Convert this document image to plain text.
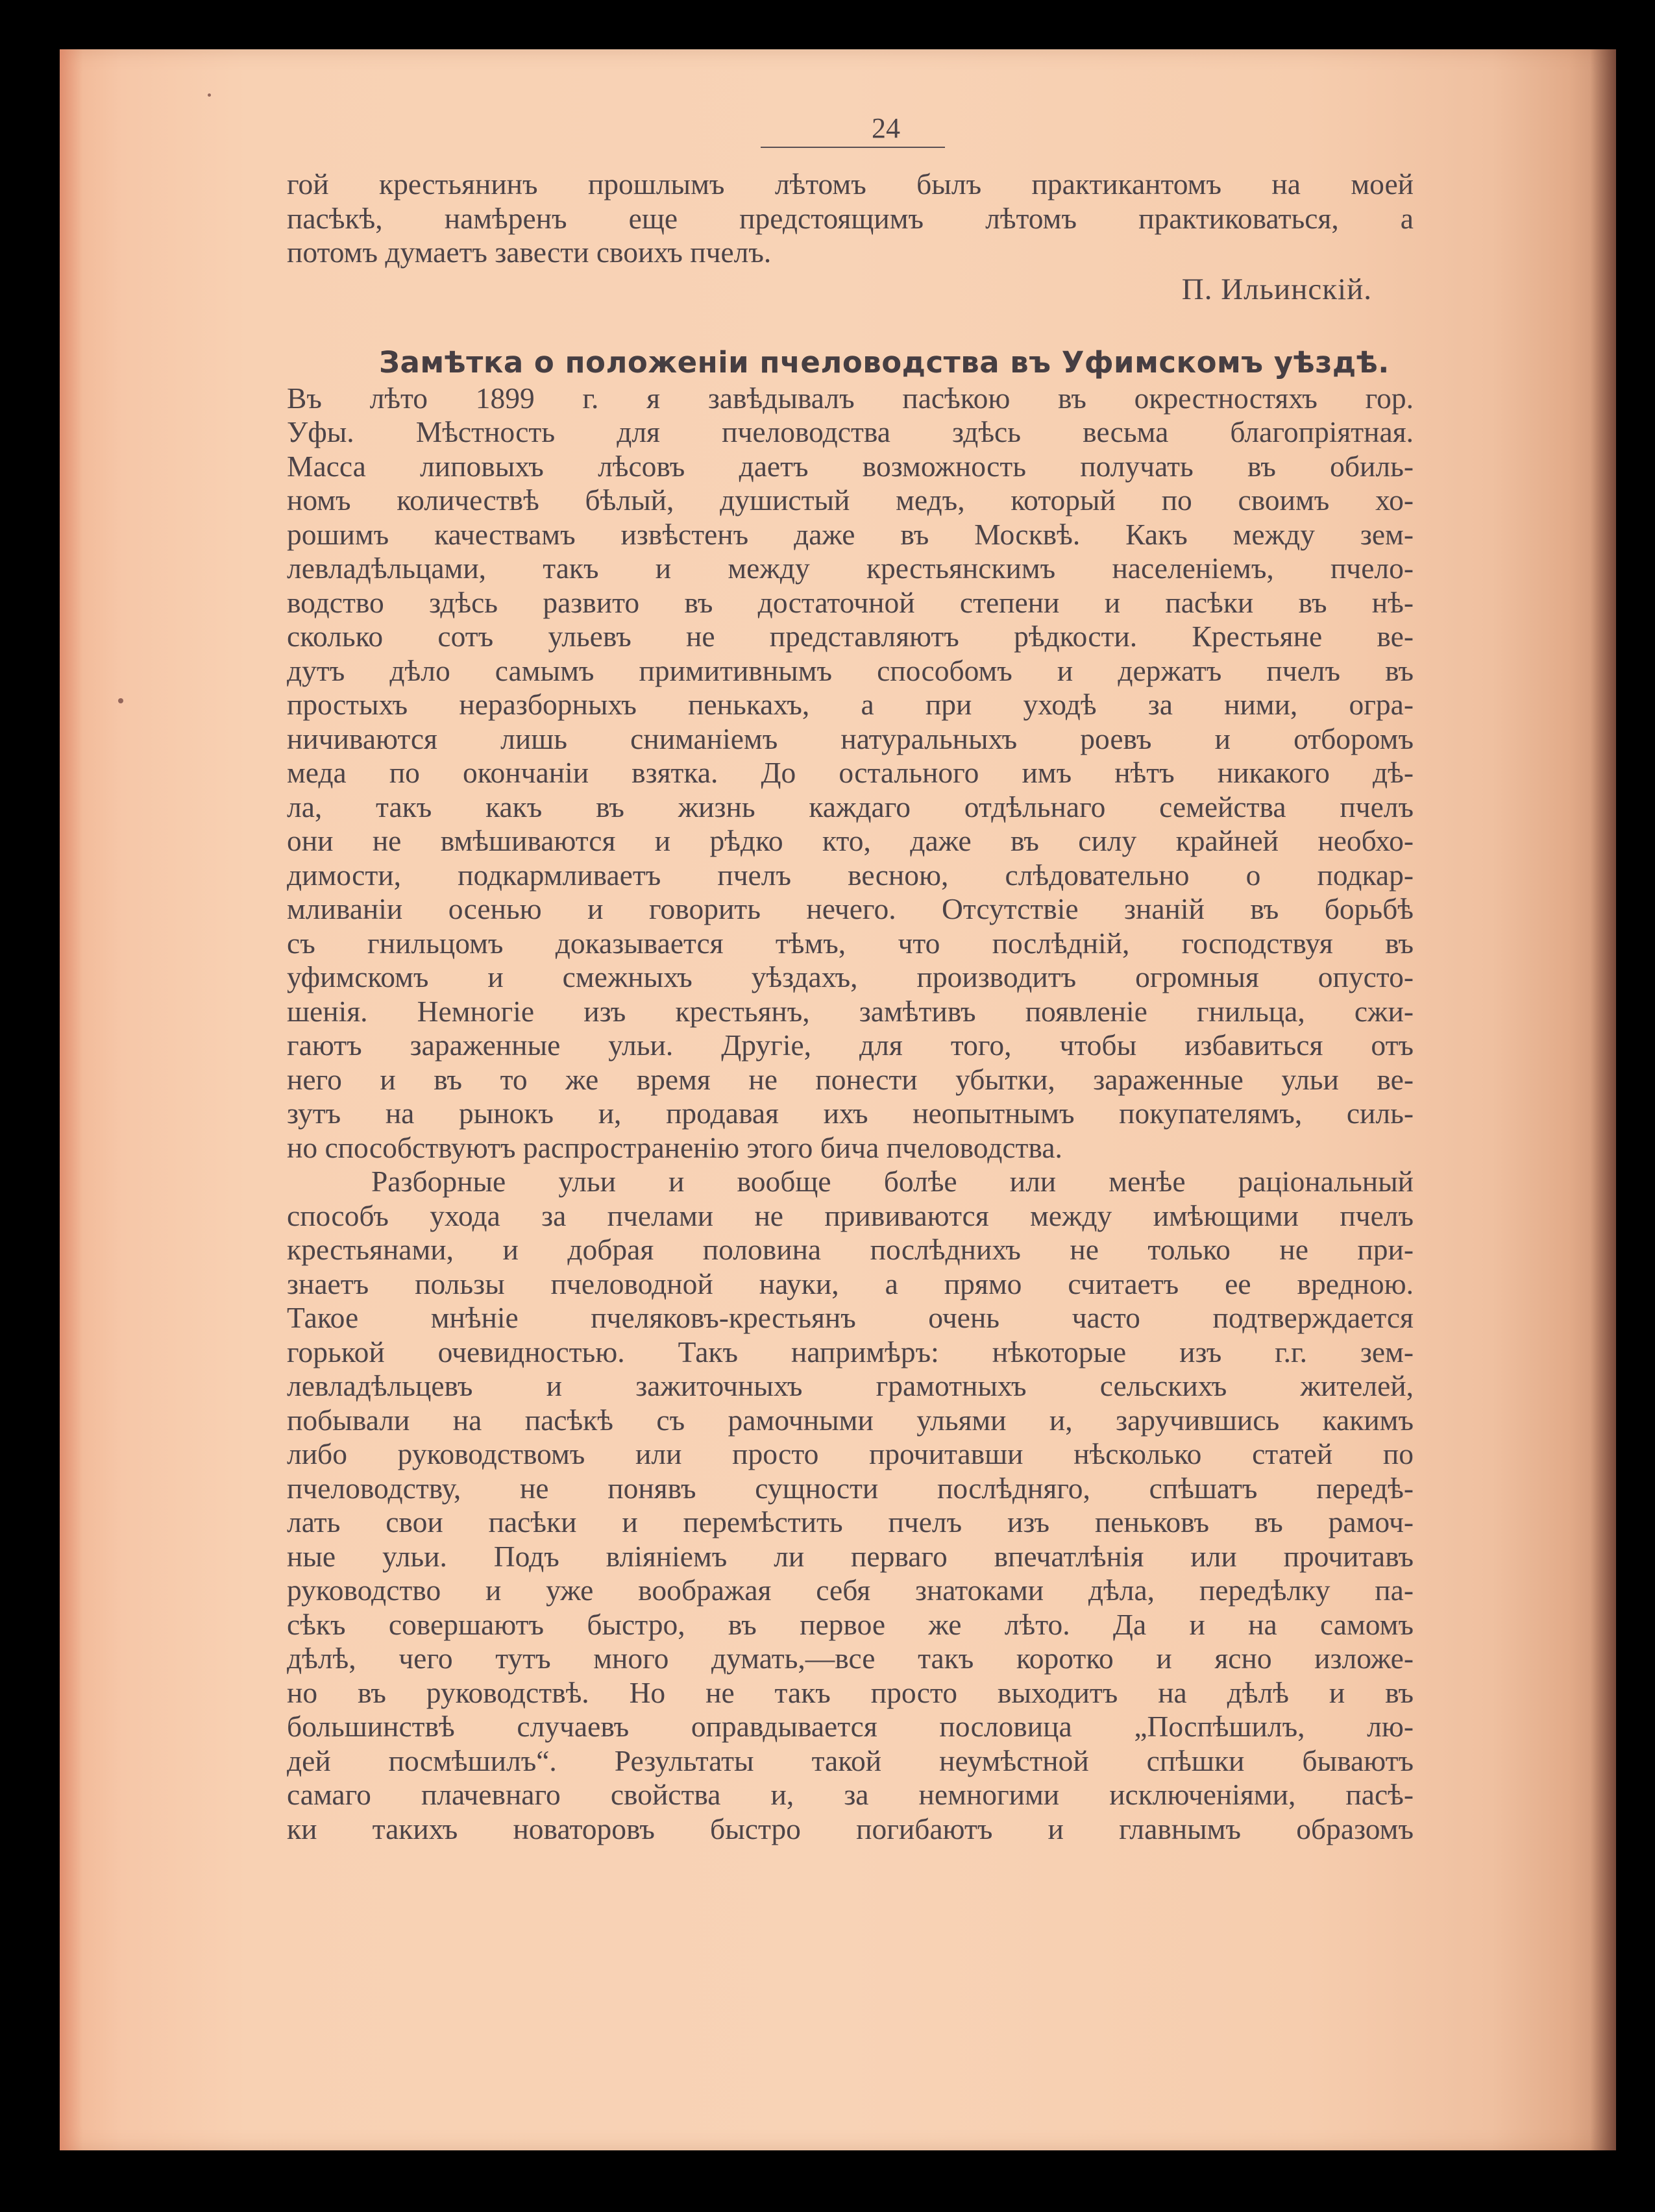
24
гой крестьянинъ прошлымъ лѣтомъ былъ практикантомъ на моей
пасѣкѣ, намѣренъ еще предстоящимъ лѣтомъ практиковаться, а
потомъ думаетъ завести своихъ пчелъ.
П. Ильинскій.
Замѣтка о положеніи пчеловодства въ Уфимскомъ уѣздѣ.
Въ лѣто 1899 г. я завѣдывалъ пасѣкою въ окрестностяхъ гор.
Уфы. Мѣстность для пчеловодства здѣсь весьма благопріятная.
Масса липовыхъ лѣсовъ даетъ возможность получать въ обиль-
номъ количествѣ бѣлый, душистый медъ, который по своимъ хо-
рошимъ качествамъ извѣстенъ даже въ Москвѣ. Какъ между зем-
левладѣльцами, такъ и между крестьянскимъ населеніемъ, пчело-
водство здѣсь развито въ достаточной степени и пасѣки въ нѣ-
сколько сотъ ульевъ не представляютъ рѣдкости. Крестьяне ве-
дутъ дѣло самымъ примитивнымъ способомъ и держатъ пчелъ въ
простыхъ неразборныхъ пенькахъ, а при уходѣ за ними, огра-
ничиваются лишь сниманіемъ натуральныхъ роевъ и отборомъ
меда по окончаніи взятка. До остального имъ нѣтъ никакого дѣ-
ла, такъ какъ въ жизнь каждаго отдѣльнаго семейства пчелъ
они не вмѣшиваются и рѣдко кто, даже въ силу крайней необхо-
димости, подкармливаетъ пчелъ весною, слѣдовательно о подкар-
мливаніи осенью и говорить нечего. Отсутствіе знаній въ борьбѣ
съ гнильцомъ доказывается тѣмъ, что послѣдній, господствуя въ
уфимскомъ и смежныхъ уѣздахъ, производитъ огромныя опусто-
шенія. Немногіе изъ крестьянъ, замѣтивъ появленіе гнильца, сжи-
гаютъ зараженные ульи. Другіе, для того, чтобы избавиться отъ
него и въ то же время не понести убытки, зараженные ульи ве-
зутъ на рынокъ и, продавая ихъ неопытнымъ покупателямъ, силь-
но способствуютъ распространенію этого бича пчеловодства.
Разборные ульи и вообще болѣе или менѣе раціональный
способъ ухода за пчелами не прививаются между имѣющими пчелъ
крестьянами, и добрая половина послѣднихъ не только не при-
знаетъ пользы пчеловодной науки, а прямо считаетъ ее вредною.
Такое мнѣніе пчеляковъ-крестьянъ очень часто подтверждается
горькой очевидностью. Такъ напримѣръ: нѣкоторые изъ г.г. зем-
левладѣльцевъ и зажиточныхъ грамотныхъ сельскихъ жителей,
побывали на пасѣкѣ съ рамочными ульями и, заручившись какимъ
либо руководствомъ или просто прочитавши нѣсколько статей по
пчеловодству, не понявъ сущности послѣдняго, спѣшатъ передѣ-
лать свои пасѣки и перемѣстить пчелъ изъ пеньковъ въ рамоч-
ные ульи. Подъ вліяніемъ ли перваго впечатлѣнія или прочитавъ
руководство и уже воображая себя знатоками дѣла, передѣлку па-
сѣкъ совершаютъ быстро, въ первое же лѣто. Да и на самомъ
дѣлѣ, чего тутъ много думать,—все такъ коротко и ясно изложе-
но въ руководствѣ. Но не такъ просто выходитъ на дѣлѣ и въ
большинствѣ случаевъ оправдывается пословица „Поспѣшилъ, лю-
дей посмѣшилъ“. Результаты такой неумѣстной спѣшки бываютъ
самаго плачевнаго свойства и, за немногими исключеніями, пасѣ-
ки такихъ новаторовъ быстро погибаютъ и главнымъ образомъ
